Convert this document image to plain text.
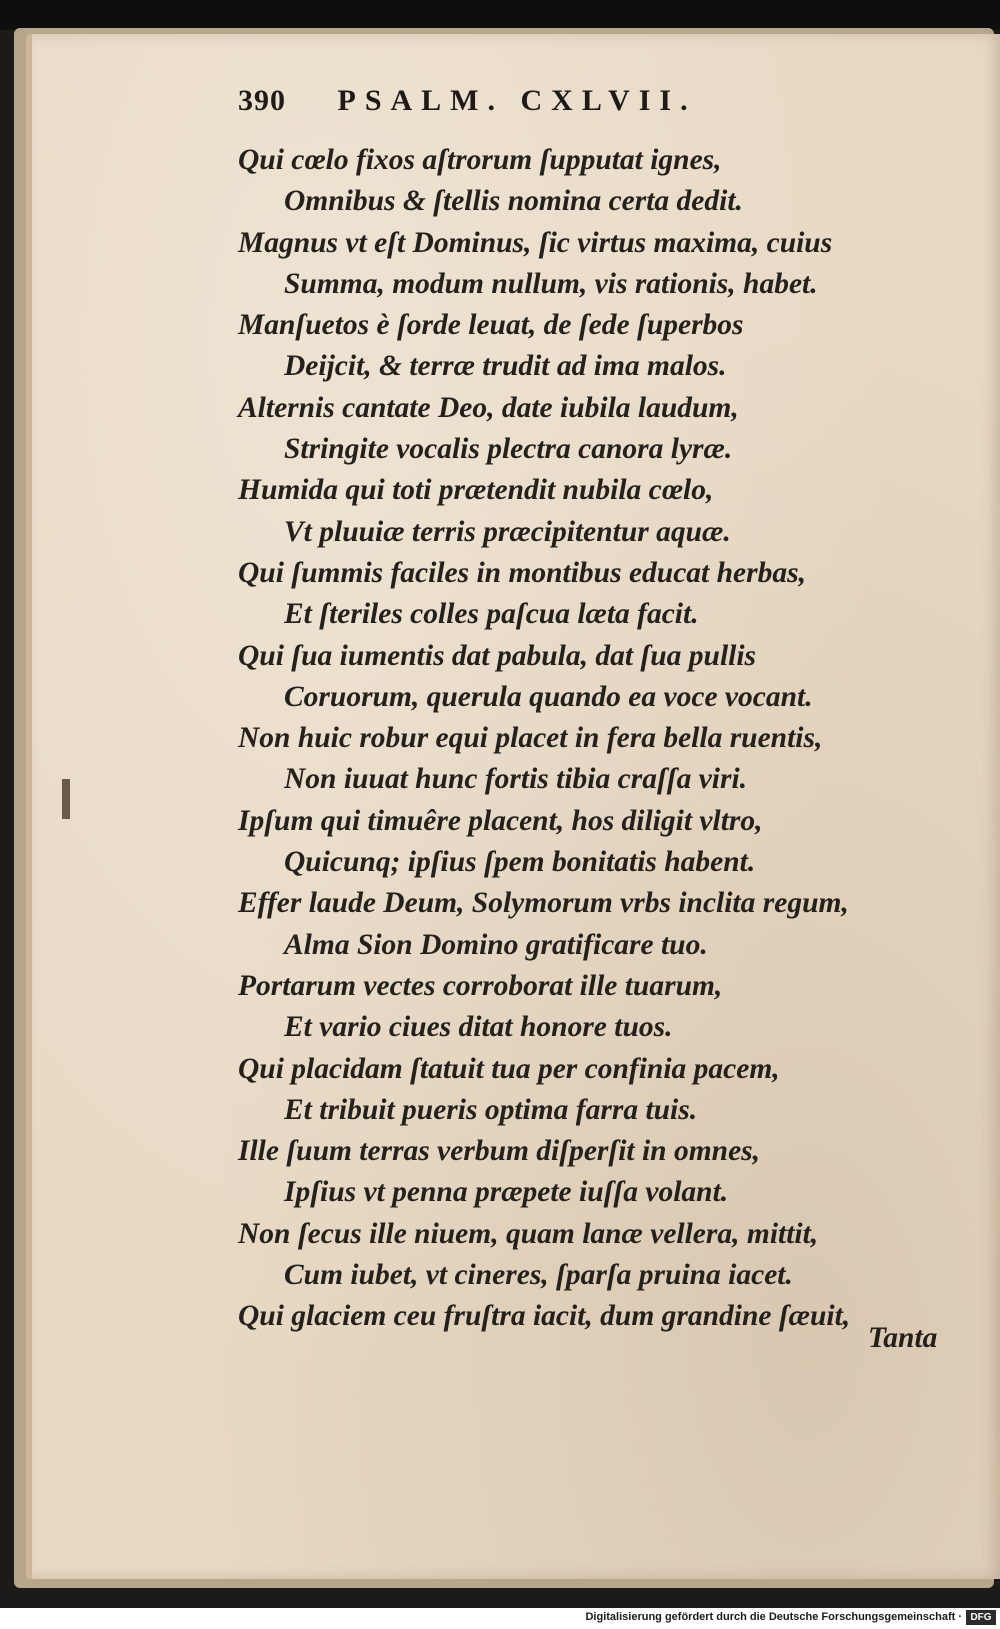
390 PSALM. CXLVII.
Qui cœlo fixos aſtrorum ſupputat ignes,
Omnibus & ſtellis nomina certa dedit.
Magnus vt eſt Dominus, ſic virtus maxima, cuius
Summa, modum nullum, vis rationis, habet.
Manſuetos è ſorde leuat, de ſede ſuperbos
Deijcit, & terræ trudit ad ima malos.
Alternis cantate Deo, date iubila laudum,
Stringite vocalis plectra canora lyræ.
Humida qui toti prætendit nubila cœlo,
Vt pluuiæ terris præcipitentur aquæ.
Qui ſummis faciles in montibus educat herbas,
Et ſteriles colles paſcua læta facit.
Qui ſua iumentis dat pabula, dat ſua pullis
Coruorum, querula quando ea voce vocant.
Non huic robur equi placet in fera bella ruentis,
Non iuuat hunc fortis tibia craſſa viri.
Ipſum qui timuêre placent, hos diligit vltro,
Quicunq; ipſius ſpem bonitatis habent.
Effer laude Deum, Solymorum vrbs inclita regum,
Alma Sion Domino gratificare tuo.
Portarum vectes corroborat ille tuarum,
Et vario ciues ditat honore tuos.
Qui placidam ſtatuit tua per confinia pacem,
Et tribuit pueris optima farra tuis.
Ille ſuum terras verbum diſperſit in omnes,
Ipſius vt penna præpete iuſſa volant.
Non ſecus ille niuem, quam lanæ vellera, mittit,
Cum iubet, vt cineres, ſparſa pruina iacet.
Qui glaciem ceu fruſtra iacit, dum grandine ſæuit,
Tanta
Digitalisierung gefördert durch die Deutsche Forschungsgemeinschaft · DFG
